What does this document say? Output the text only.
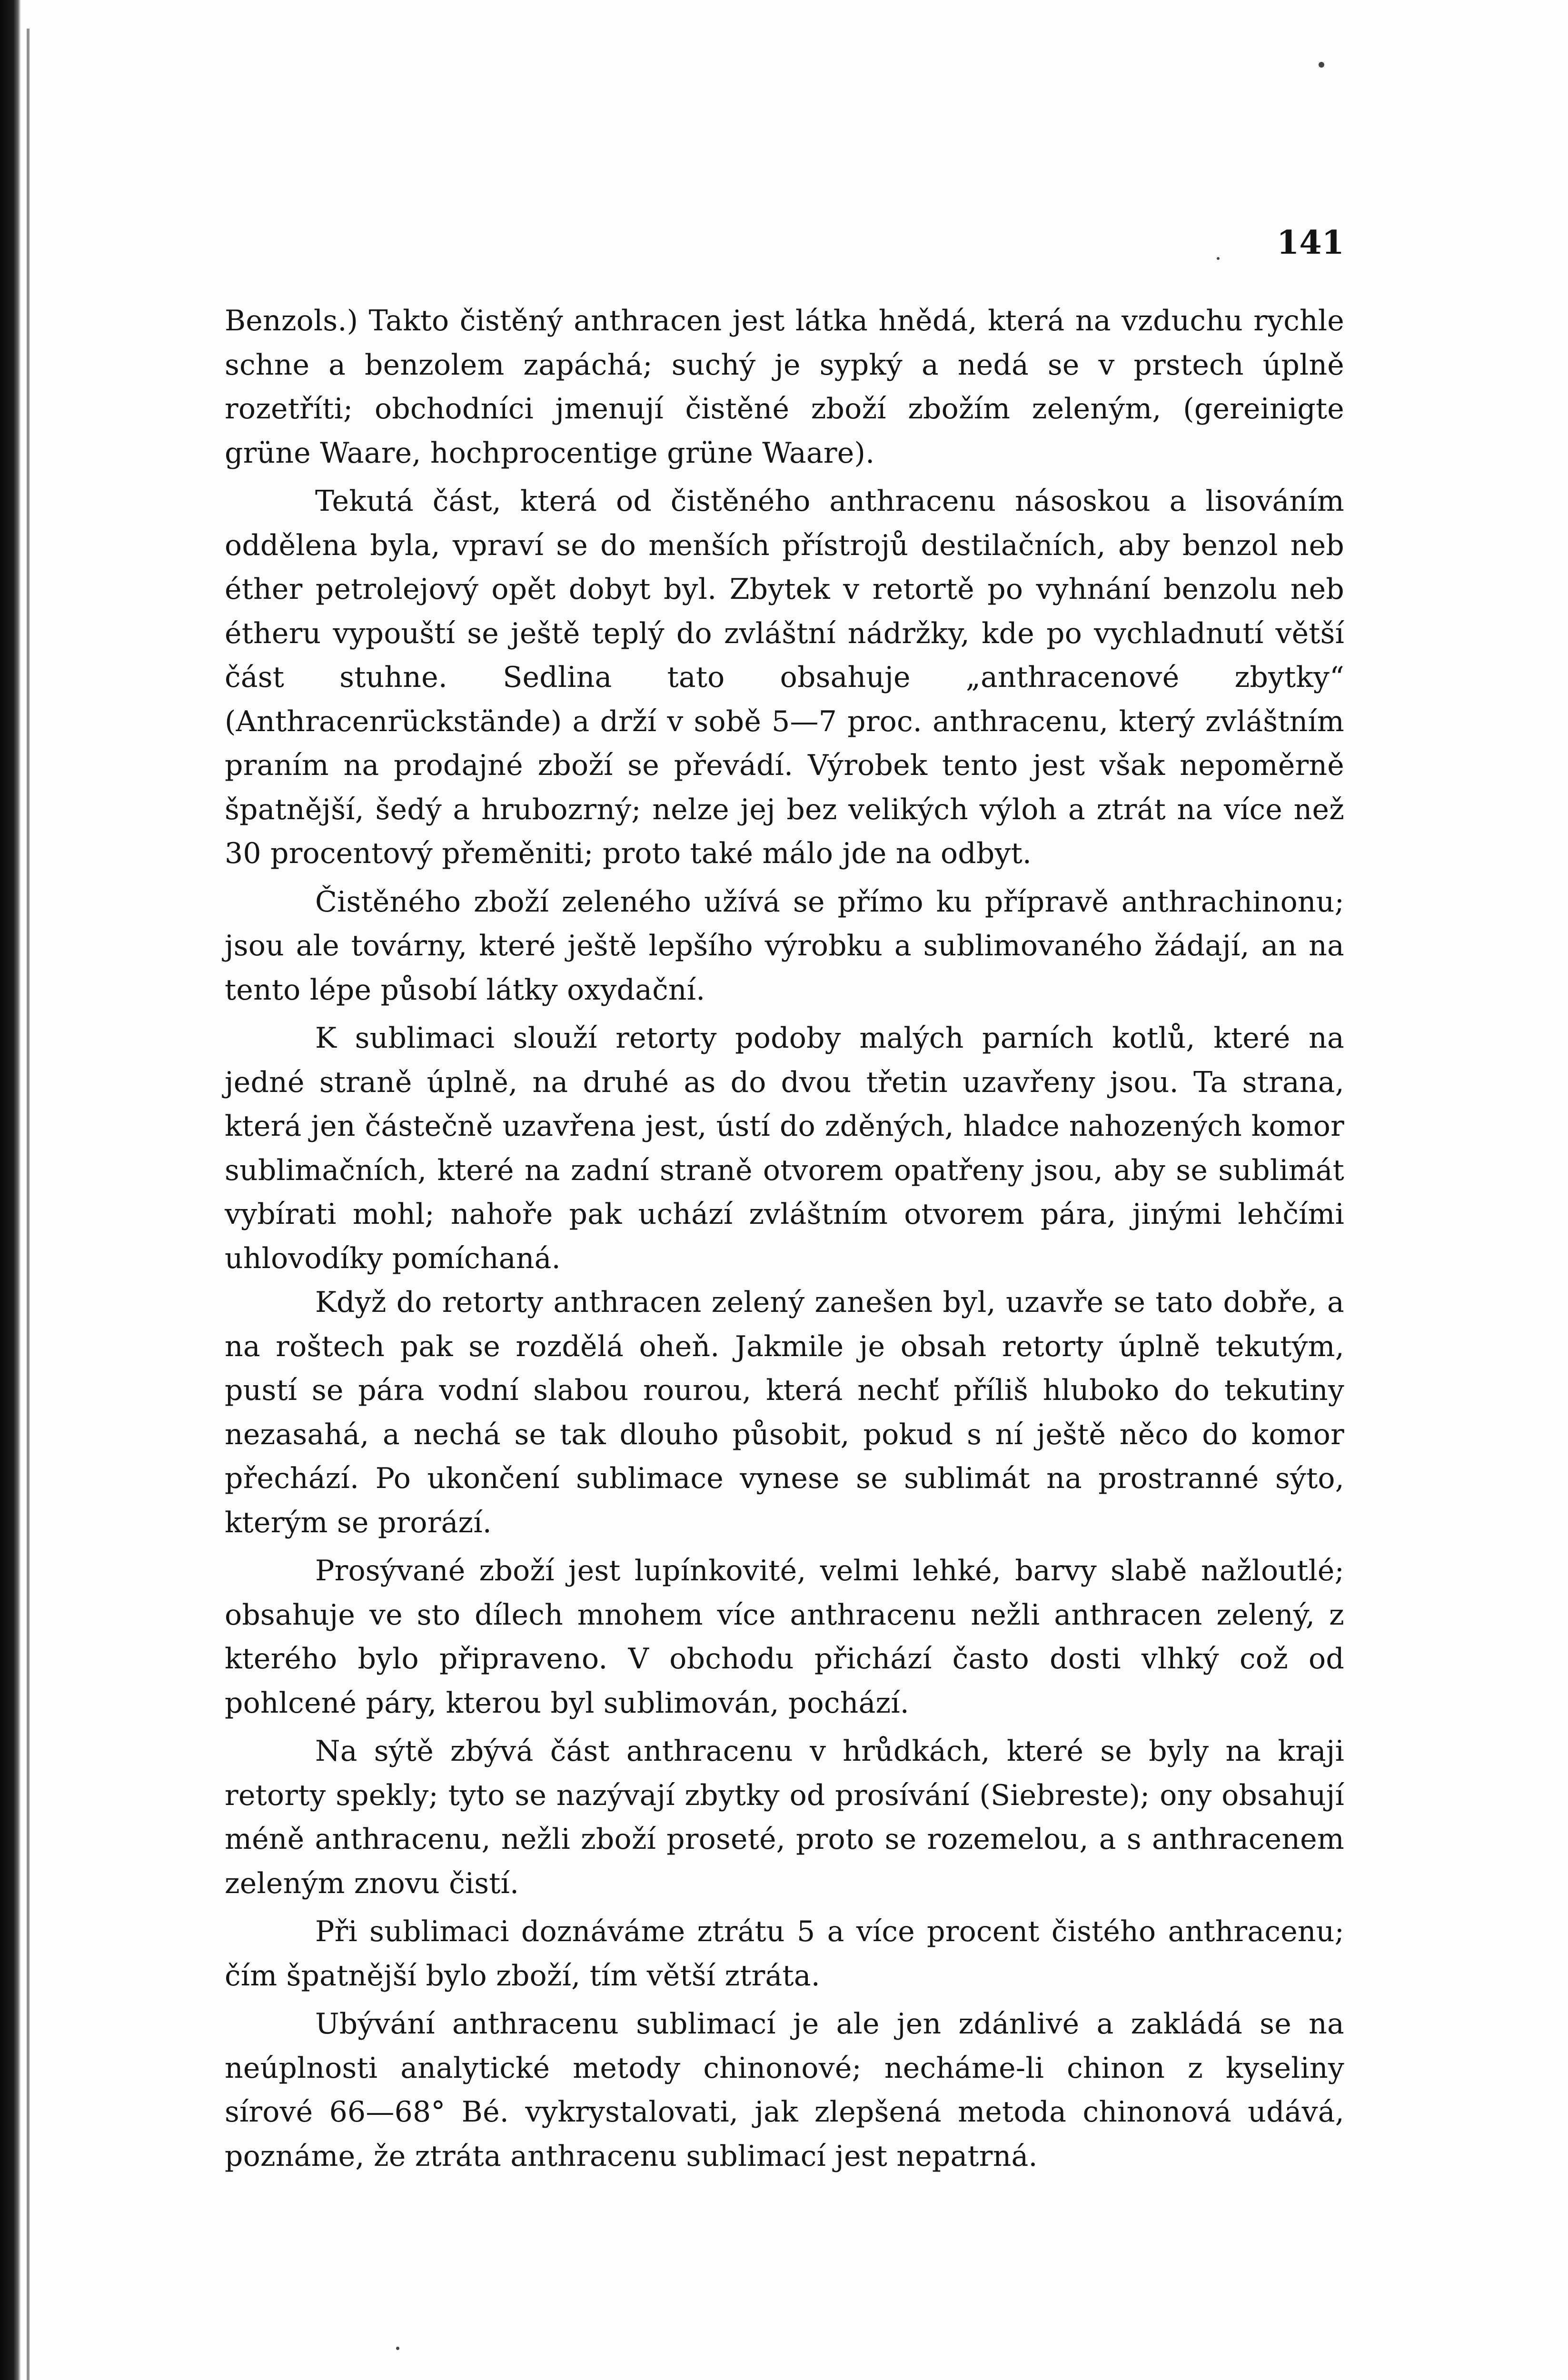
141

Benzols.) Takto čistěný anthracen jest látka hnědá, která na vzduchu rychle schne a benzolem zapáchá; suchý je sypký a nedá se v prstech úplně rozetříti; obchodníci jmenují čistěné zboží zbožím zeleným, (gereinigte grüne Waare, hochprocentige grüne Waare).

Tekutá část, která od čistěného anthracenu násoskou a lisováním oddělena byla, vpraví se do menších přístrojů destilačních, aby benzol neb éther petrolejový opět dobyt byl. Zbytek v retortě po vyhnání benzolu neb étheru vypouští se ještě teplý do zvláštní nádržky, kde po vychladnutí větší část stuhne. Sedlina tato obsahuje „anthracenové zbytky“ (Anthracenrückstände) a drží v sobě 5—7 proc. anthracenu, který zvláštním praním na prodajné zboží se převádí. Výrobek tento jest však nepoměrně špatnější, šedý a hrubozrný; nelze jej bez velikých výloh a ztrát na více než 30 procentový přeměniti; proto také málo jde na odbyt.

Čistěného zboží zeleného užívá se přímo ku přípravě anthrachinonu; jsou ale továrny, které ještě lepšího výrobku a sublimovaného žádají, an na tento lépe působí látky oxydační.

K sublimaci slouží retorty podoby malých parních kotlů, které na jedné straně úplně, na druhé as do dvou třetin uzavřeny jsou. Ta strana, která jen částečně uzavřena jest, ústí do zděných, hladce nahozených komor sublimačních, které na zadní straně otvorem opatřeny jsou, aby se sublimát vybírati mohl; nahoře pak uchází zvláštním otvorem pára, jinými lehčími uhlovodíky pomíchaná.

Když do retorty anthracen zelený zanešen byl, uzavře se tato dobře, a na roštech pak se rozdělá oheň. Jakmile je obsah retorty úplně tekutým, pustí se pára vodní slabou rourou, která nechť příliš hluboko do tekutiny nezasahá, a nechá se tak dlouho působit, pokud s ní ještě něco do komor přechází. Po ukončení sublimace vynese se sublimát na prostranné sýto, kterým se prorází.

Prosývané zboží jest lupínkovité, velmi lehké, barvy slabě nažloutlé; obsahuje ve sto dílech mnohem více anthracenu nežli anthracen zelený, z kterého bylo připraveno. V obchodu přichází často dosti vlhký což od pohlcené páry, kterou byl sublimován, pochází.

Na sýtě zbývá část anthracenu v hrůdkách, které se byly na kraji retorty spekly; tyto se nazývají zbytky od prosívání (Siebreste); ony obsahují méně anthracenu, nežli zboží proseté, proto se rozemelou, a s anthracenem zeleným znovu čistí.

Při sublimaci doznáváme ztrátu 5 a více procent čistého anthracenu; čím špatnější bylo zboží, tím větší ztráta.

Ubývání anthracenu sublimací je ale jen zdánlivé a zakládá se na neúplnosti analytické metody chinonové; necháme-li chinon z kyseliny sírové 66—68° Bé. vykrystalovati, jak zlepšená metoda chinonová udává, poznáme, že ztráta anthracenu sublimací jest nepatrná.
